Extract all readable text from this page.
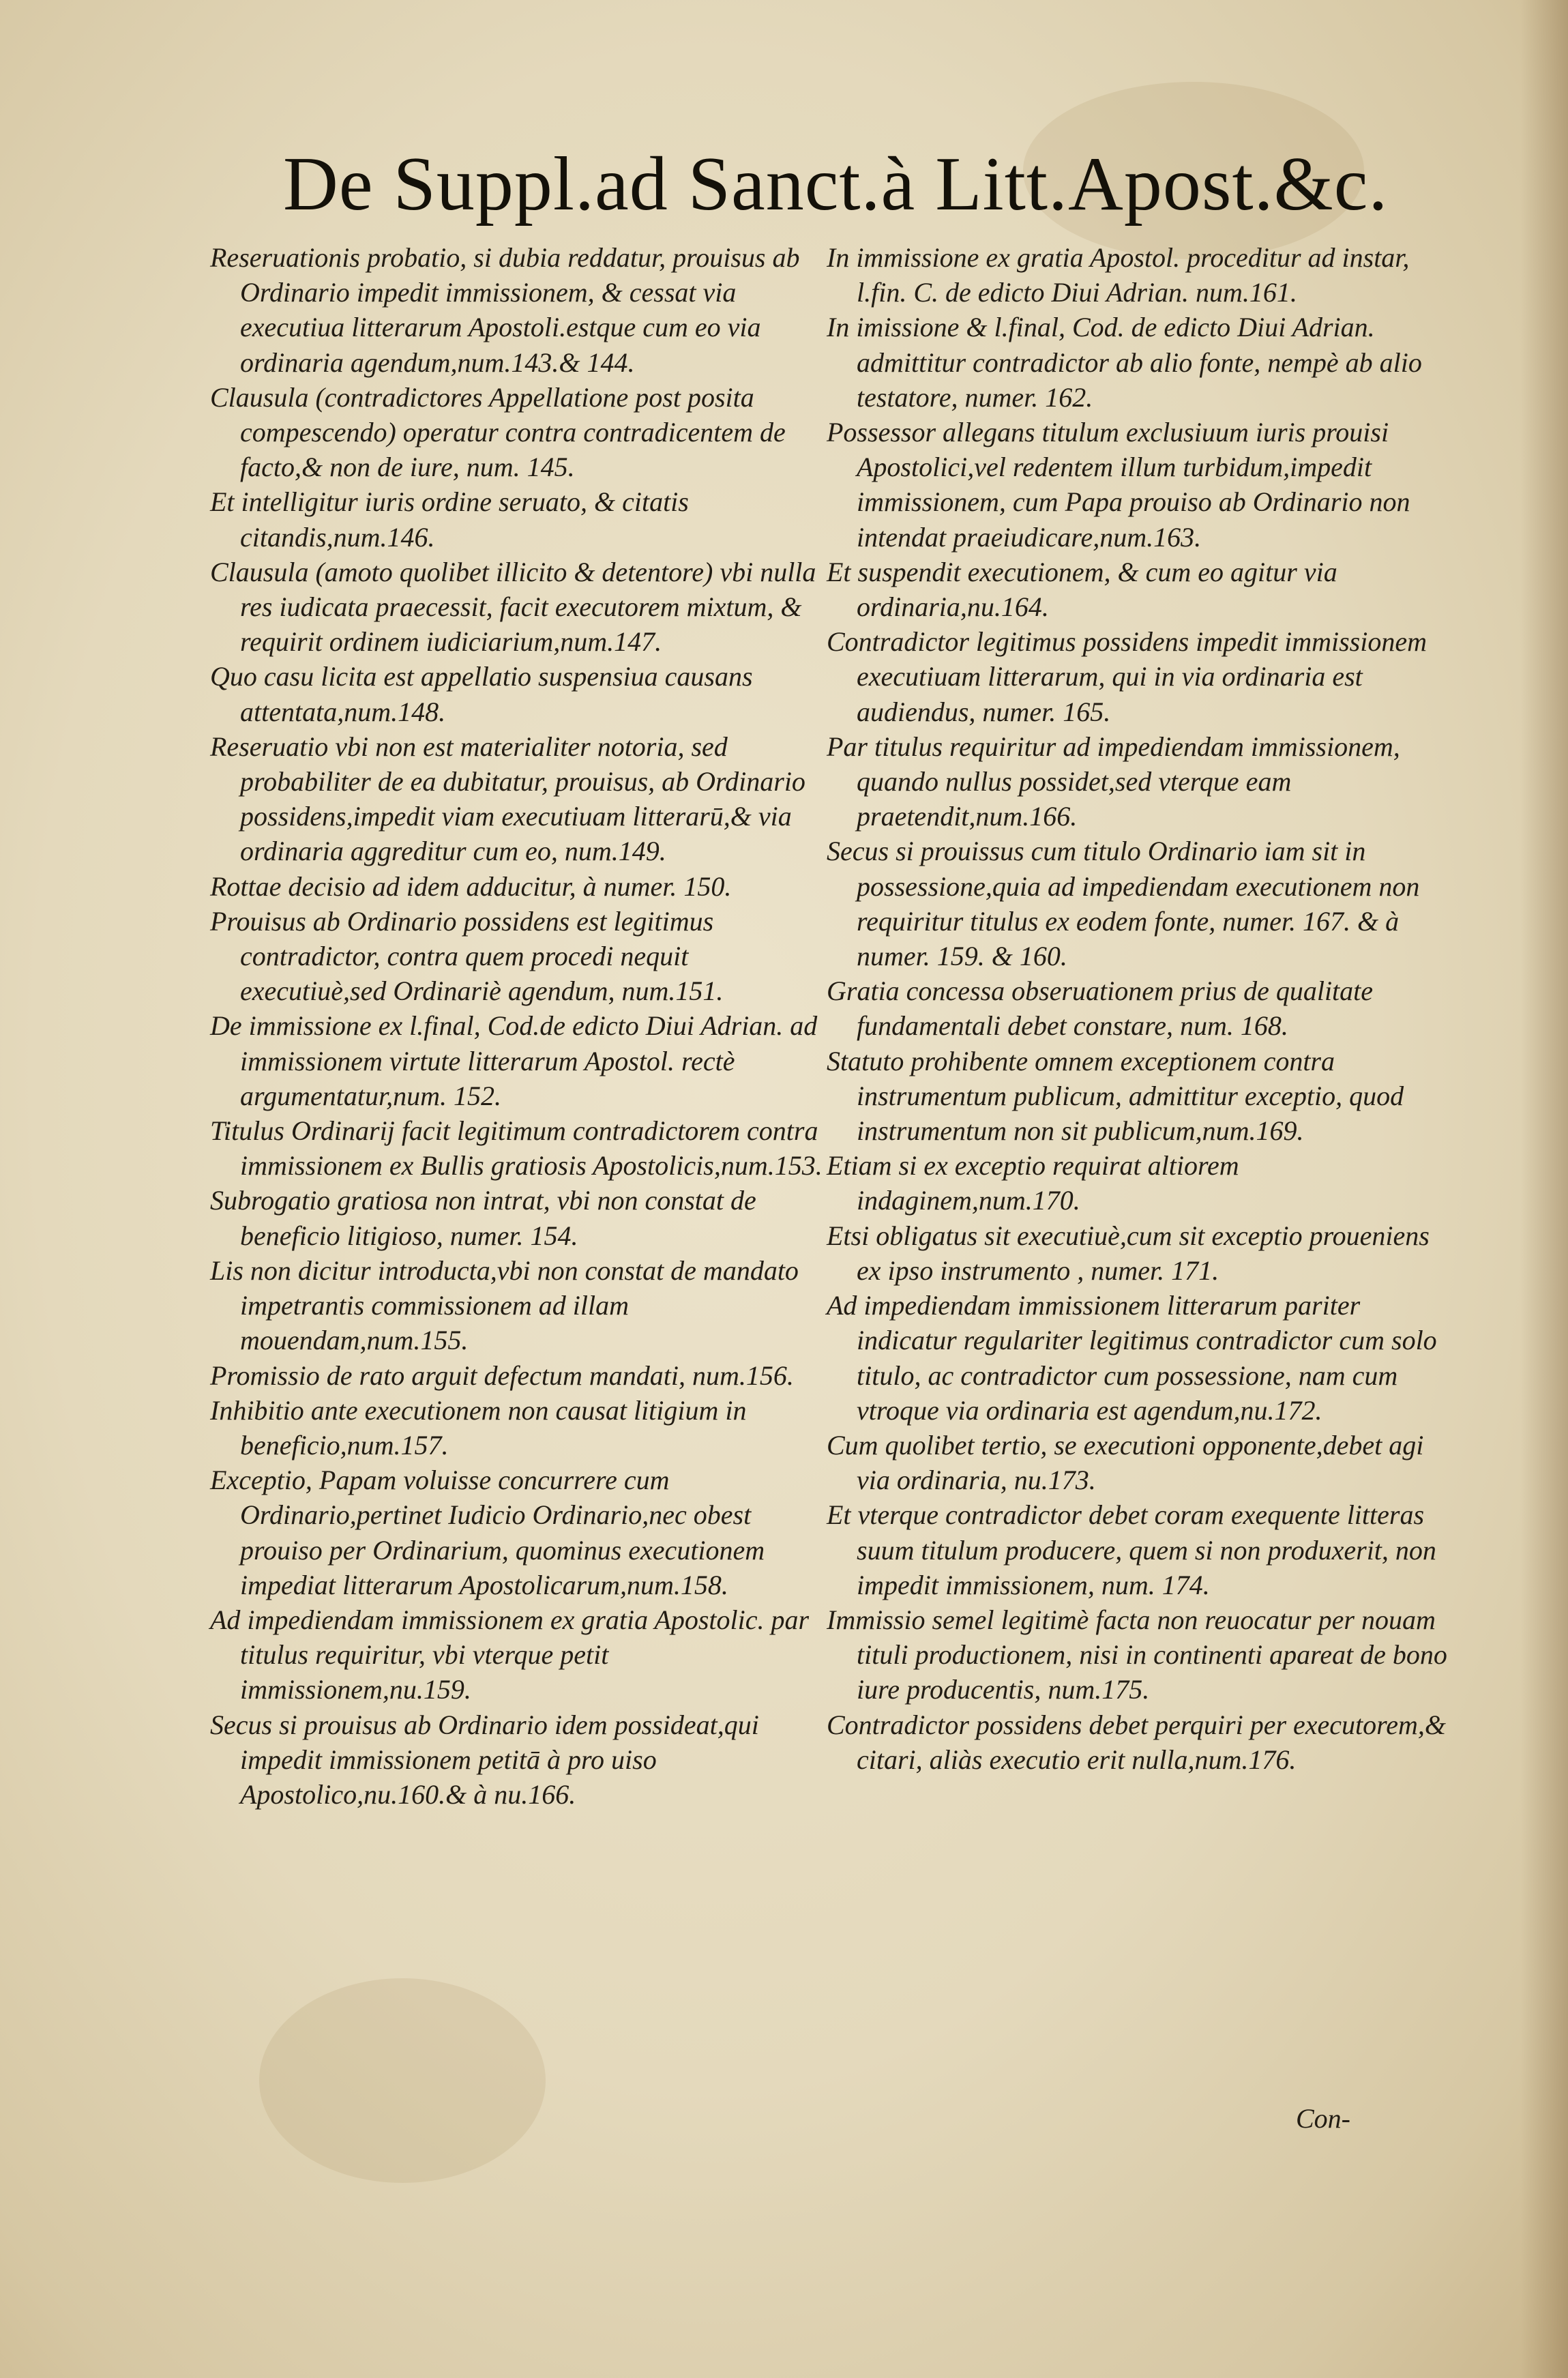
De Suppl.ad Sanct.à Litt.Apost.&c.

Reseruationis probatio, si dubia reddatur, prouisus ab Ordinario impedit immissionem, & cessat via executiua litterarum Apostoli.estque cum eo via ordinaria agendum,num.143.& 144.

Clausula (contradictores Appellatione post posita compescendo) operatur contra contradicentem de facto,& non de iure, num. 145.

Et intelligitur iuris ordine seruato, & citatis citandis,num.146.

Clausula (amoto quolibet illicito & detentore) vbi nulla res iudicata praecessit, facit executorem mixtum, & requirit ordinem iudiciarium,num.147.

Quo casu licita est appellatio suspensiua causans attentata,num.148.

Reseruatio vbi non est materialiter notoria, sed probabiliter de ea dubitatur, prouisus, ab Ordinario possidens,impedit viam executiuam litterarū,& via ordinaria aggreditur cum eo, num.149.

Rottae decisio ad idem adducitur, à numer. 150.

Prouisus ab Ordinario possidens est legitimus contradictor, contra quem procedi nequit executiuè,sed Ordinariè agendum, num.151.

De immissione ex l.final, Cod.de edicto Diui Adrian. ad immissionem virtute litterarum Apostol. rectè argumentatur,num. 152.

Titulus Ordinarij facit legitimum contradictorem contra immissionem ex Bullis gratiosis Apostolicis,num.153.

Subrogatio gratiosa non intrat, vbi non constat de beneficio litigioso, numer. 154.

Lis non dicitur introducta,vbi non constat de mandato impetrantis commissionem ad illam mouendam,num.155.

Promissio de rato arguit defectum mandati, num.156.

Inhibitio ante executionem non causat litigium in beneficio,num.157.

Exceptio, Papam voluisse concurrere cum Ordinario,pertinet Iudicio Ordinario,nec obest prouiso per Ordinarium, quominus executionem impediat litterarum Apostolicarum,num.158.

Ad impediendam immissionem ex gratia Apostolic. par titulus requiritur, vbi vterque petit immissionem,nu.159.

Secus si prouisus ab Ordinario idem possideat,qui impedit immissionem petitā à pro uiso Apostolico,nu.160.& à nu.166.

In immissione ex gratia Apostol. proceditur ad instar, l.fin. C. de edicto Diui Adrian. num.161.

In imissione & l.final, Cod. de edicto Diui Adrian. admittitur contradictor ab alio fonte, nempè ab alio testatore, numer. 162.

Possessor allegans titulum exclusiuum iuris prouisi Apostolici,vel redentem illum turbidum,impedit immissionem, cum Papa prouiso ab Ordinario non intendat praeiudicare,num.163.

Et suspendit executionem, & cum eo agitur via ordinaria,nu.164.

Contradictor legitimus possidens impedit immissionem executiuam litterarum, qui in via ordinaria est audiendus, numer. 165.

Par titulus requiritur ad impediendam immissionem, quando nullus possidet,sed vterque eam praetendit,num.166.

Secus si prouissus cum titulo Ordinario iam sit in possessione,quia ad impediendam executionem non requiritur titulus ex eodem fonte, numer. 167. & à numer. 159. & 160.

Gratia concessa obseruationem prius de qualitate fundamentali debet constare, num. 168.

Statuto prohibente omnem exceptionem contra instrumentum publicum, admittitur exceptio, quod instrumentum non sit publicum,num.169.

Etiam si ex exceptio requirat altiorem indaginem,num.170.

Etsi obligatus sit executiuè,cum sit exceptio proueniens ex ipso instrumento , numer. 171.

Ad impediendam immissionem litterarum pariter indicatur regulariter legitimus contradictor cum solo titulo, ac contradictor cum possessione, nam cum vtroque via ordinaria est agendum,nu.172.

Cum quolibet tertio, se executioni opponente,debet agi via ordinaria, nu.173.

Et vterque contradictor debet coram exequente litteras suum titulum producere, quem si non produxerit, non impedit immissionem, num. 174.

Immissio semel legitimè facta non reuocatur per nouam tituli productionem, nisi in continenti apareat de bono iure producentis, num.175.

Contradictor possidens debet perquiri per executorem,& citari, aliàs executio erit nulla,num.176.

Con-
